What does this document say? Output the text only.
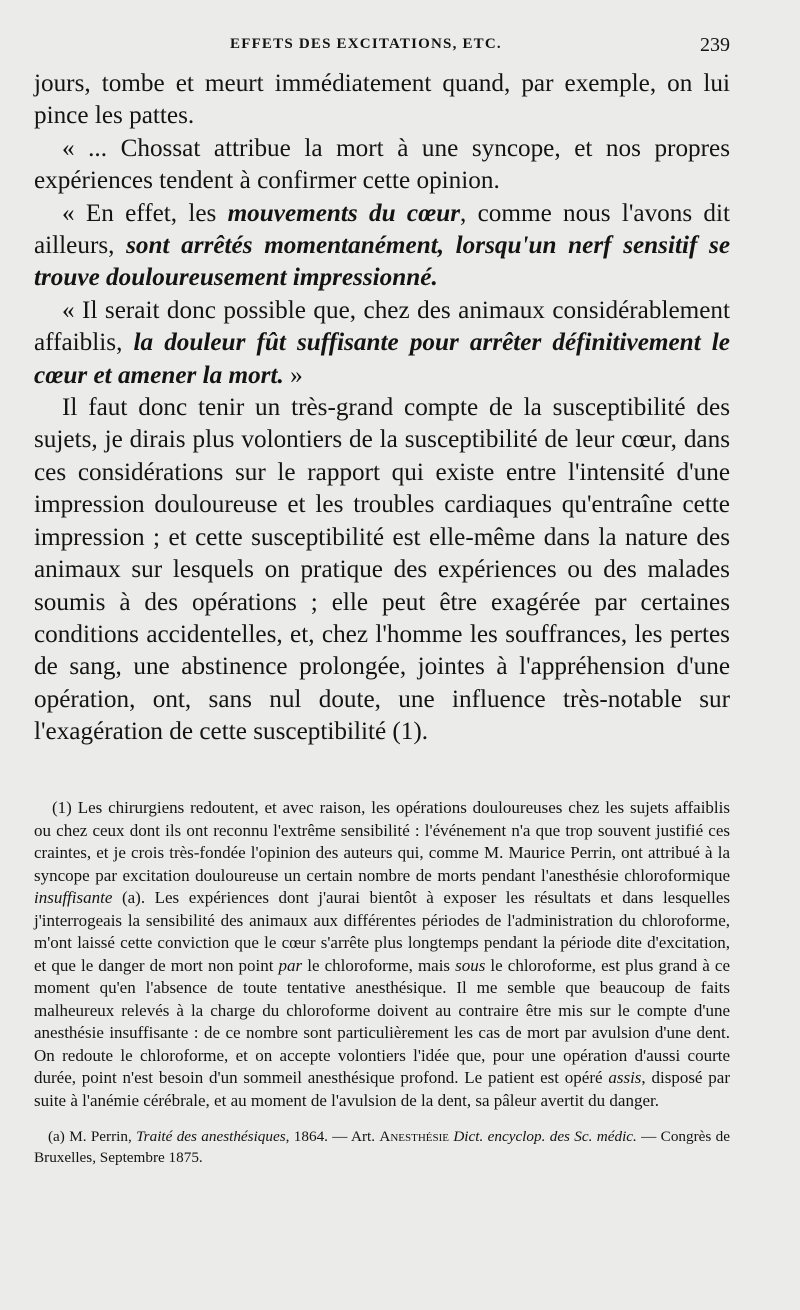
EFFETS DES EXCITATIONS, ETC.	239

jours, tombe et meurt immédiatement quand, par exemple, on lui pince les pattes.

« ... Chossat attribue la mort à une syncope, et nos propres expériences tendent à confirmer cette opinion.

« En effet, les mouvements du cœur, comme nous l'avons dit ailleurs, sont arrêtés momentanément, lorsqu'un nerf sensitif se trouve douloureusement impressionné.

« Il serait donc possible que, chez des animaux considérablement affaiblis, la douleur fût suffisante pour arrêter définitivement le cœur et amener la mort. »

Il faut donc tenir un très-grand compte de la susceptibilité des sujets, je dirais plus volontiers de la susceptibilité de leur cœur, dans ces considérations sur le rapport qui existe entre l'intensité d'une impression douloureuse et les troubles cardiaques qu'entraîne cette impression ; et cette susceptibilité est elle-même dans la nature des animaux sur lesquels on pratique des expériences ou des malades soumis à des opérations ; elle peut être exagérée par certaines conditions accidentelles, et, chez l'homme les souffrances, les pertes de sang, une abstinence prolongée, jointes à l'appréhension d'une opération, ont, sans nul doute, une influence très-notable sur l'exagération de cette susceptibilité (1).

(1) Les chirurgiens redoutent, et avec raison, les opérations douloureuses chez les sujets affaiblis ou chez ceux dont ils ont reconnu l'extrême sensibilité : l'événement n'a que trop souvent justifié ces craintes, et je crois très-fondée l'opinion des auteurs qui, comme M. Maurice Perrin, ont attribué à la syncope par excitation douloureuse un certain nombre de morts pendant l'anesthésie chloroformique insuffisante (a). Les expériences dont j'aurai bientôt à exposer les résultats et dans lesquelles j'interrogeais la sensibilité des animaux aux différentes périodes de l'administration du chloroforme, m'ont laissé cette conviction que le cœur s'arrête plus longtemps pendant la période dite d'excitation, et que le danger de mort non point par le chloroforme, mais sous le chloroforme, est plus grand à ce moment qu'en l'absence de toute tentative anesthésique. Il me semble que beaucoup de faits malheureux relevés à la charge du chloroforme doivent au contraire être mis sur le compte d'une anesthésie insuffisante : de ce nombre sont particulièrement les cas de mort par avulsion d'une dent. On redoute le chloroforme, et on accepte volontiers l'idée que, pour une opération d'aussi courte durée, point n'est besoin d'un sommeil anesthésique profond. Le patient est opéré assis, disposé par suite à l'anémie cérébrale, et au moment de l'avulsion de la dent, sa pâleur avertit du danger.

(a) M. Perrin, Traité des anesthésiques, 1864. — Art. Anesthésie Dict. encyclop. des Sc. médic. — Congrès de Bruxelles, Septembre 1875.
